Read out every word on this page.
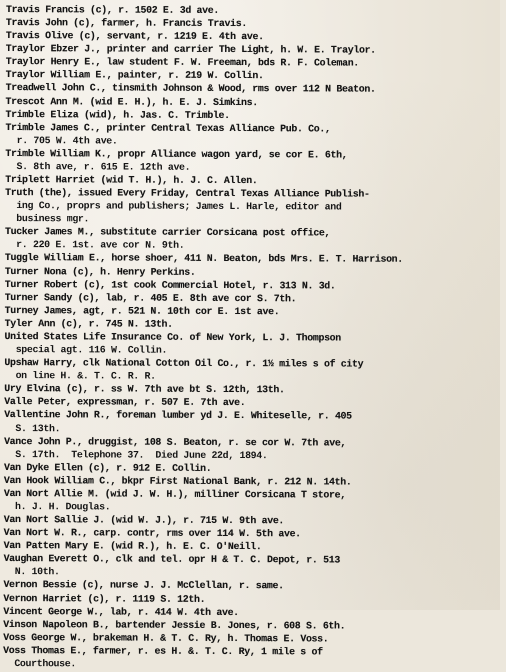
Travis Francis (c), r. 1502 E. 3d ave.
Travis John (c), farmer, h. Francis Travis.
Travis Olive (c), servant, r. 1219 E. 4th ave.
Traylor Ebzer J., printer and carrier The Light, h. W. E. Traylor.
Traylor Henry E., law student F. W. Freeman, bds R. F. Coleman.
Traylor William E., painter, r. 219 W. Collin.
Treadwell John C., tinsmith Johnson & Wood, rms over 112 N Beaton.
Trescot Ann M. (wid E. H.), h. E. J. Simkins.
Trimble Eliza (wid), h. Jas. C. Trimble.
Trimble James C., printer Central Texas Alliance Pub. Co.,
r. 705 W. 4th ave.
Trimble William K., propr Alliance wagon yard, se cor E. 6th,
S. 8th ave, r. 615 E. 12th ave.
Triplett Harriet (wid T. H.), h. J. C. Allen.
Truth (the), issued Every Friday, Central Texas Alliance Publish-
ing Co., proprs and publishers; James L. Harle, editor and
business mgr.
Tucker James M., substitute carrier Corsicana post office,
r. 220 E. 1st. ave cor N. 9th.
Tuggle William E., horse shoer, 411 N. Beaton, bds Mrs. E. T. Harrison.
Turner Nona (c), h. Henry Perkins.
Turner Robert (c), 1st cook Commercial Hotel, r. 313 N. 3d.
Turner Sandy (c), lab, r. 405 E. 8th ave cor S. 7th.
Turney James, agt, r. 521 N. 10th cor E. 1st ave.
Tyler Ann (c), r. 745 N. 13th.
United States Life Insurance Co. of New York, L. J. Thompson
special agt. 116 W. Collin.
Upshaw Harry, clk National Cotton Oil Co., r. 1½ miles s of city
on line H. &. T. C. R. R.
Ury Elvina (c), r. ss W. 7th ave bt S. 12th, 13th.
Valle Peter, expressman, r. 507 E. 7th ave.
Vallentine John R., foreman lumber yd J. E. Whiteselle, r. 405
S. 13th.
Vance John P., druggist, 108 S. Beaton, r. se cor W. 7th ave,
S. 17th.  Telephone 37.  Died June 22d, 1894.
Van Dyke Ellen (c), r. 912 E. Collin.
Van Hook William C., bkpr First National Bank, r. 212 N. 14th.
Van Nort Allie M. (wid J. W. H.), milliner Corsicana T store,
h. J. H. Douglas.
Van Nort Sallie J. (wid W. J.), r. 715 W. 9th ave.
Van Nort W. R., carp. contr, rms over 114 W. 5th ave.
Van Patten Mary E. (wid R.), h. E. C. O'Neill.
Vaughan Everett O., clk and tel. opr H & T. C. Depot, r. 513
N. 10th.
Vernon Bessie (c), nurse J. J. McClellan, r. same.
Vernon Harriet (c), r. 1119 S. 12th.
Vincent George W., lab, r. 414 W. 4th ave.
Vinson Napoleon B., bartender Jessie B. Jones, r. 608 S. 6th.
Voss George W., brakeman H. & T. C. Ry, h. Thomas E. Voss.
Voss Thomas E., farmer, r. es H. &. T. C. Ry, 1 mile s of
Courthouse.
